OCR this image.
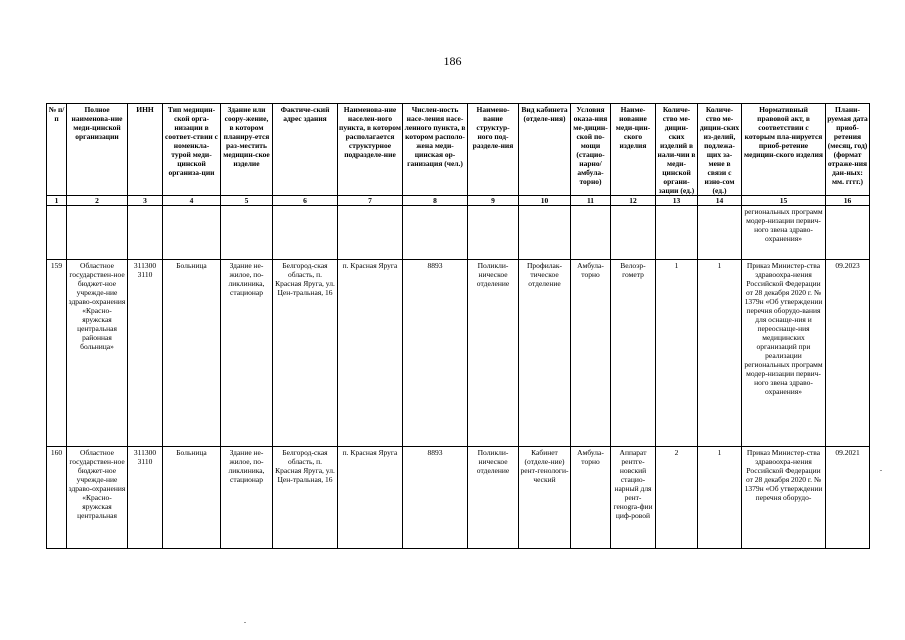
186
№ п/п	Полное наименова-ние меди-цинской организации	ИНН	Тип медицин-ской орга-низации в соответ-ствии с номенкла-турой меди-цинской организа-ции	Здание или соору-жение, в котором планиру-ется раз-местить медицин-ское изделие	Фактиче-ский адрес здания	Наименова-ние населен-ного пункта, в котором располагается структурное подразделе-ние	Числен-ность насе-ления насе-ленного пункта, в котором располо-жена меди-цинская ор-ганизация (чел.)	Наимено-вание структур-ного под-разделе-ния	Вид кабинета (отделе-ния)	Условия оказа-ния ме-дицин-ской по-мощи (стацио-нарно/ амбула-торно)	Наиме-нование меди-цин-ского изделия	Количе-ство ме-дицин-ских изделий в нали-чии в меди-цинской органи-зации (ед.)	Количе-ство ме-дицин-ских из-делий, подлежа-щих за-мене в связи с изно-сом (ед.)	Нормативный правовой акт, в соответствии с которым пла-нируется приоб-ретение медицин-ского изделия	Плани-руемая дата приоб-ретения (месяц, год) (формат отраже-ния дан-ных: мм. гггг.)
1	2	3	4	5	6	7	8	9	10	11	12	13	14	15	16
														региональных программ модер-низации первич-ного звена здраво-охранения»	
159	Областное государствен-ное бюджет-ное учрежде-ние здраво-охранения «Красно-яружская центральная районная больница»	311300 3110	Больница	Здание не-жилое, по-ликлиника, стационар	Белгород-ская область, п. Красная Яруга, ул. Цен-тральная, 16	п. Красная Яруга	8893	Поликли-ническое отделение	Профилак-тическое отделение	Амбула-торно	Велоэр-гометр	1	1	Приказ Министер-ства здравоохра-нения Российской Федерации от 28 декабря 2020 г. № 1379н «Об утверждении перечня оборудо-вания для оснаще-ния и переоснаще-ния медицинских организаций при реализации региональных программ модер-низации первич-ного звена здраво-охранения»	09.2023
160	Областное государствен-ное бюджет-ное учрежде-ние здраво-охранения «Красно-яружская центральная	311300 3110	Больница	Здание не-жилое, по-ликлиника, стационар	Белгород-ская область, п. Красная Яруга, ул. Цен-тральная, 16	п. Красная Яруга	8893	Поликли-ническое отделение	Кабинет (отделе-ние) рент-генологи-ческий	Амбула-торно	Аппарат рентге-новский стацио-нарный для рент-генogra-фии циф-ровой	2	1	Приказ Министер-ства здравоохра-нения Российской Федерации от 28 декабря 2020 г. № 1379н «Об утверждении перечня оборудо-	09.2021
